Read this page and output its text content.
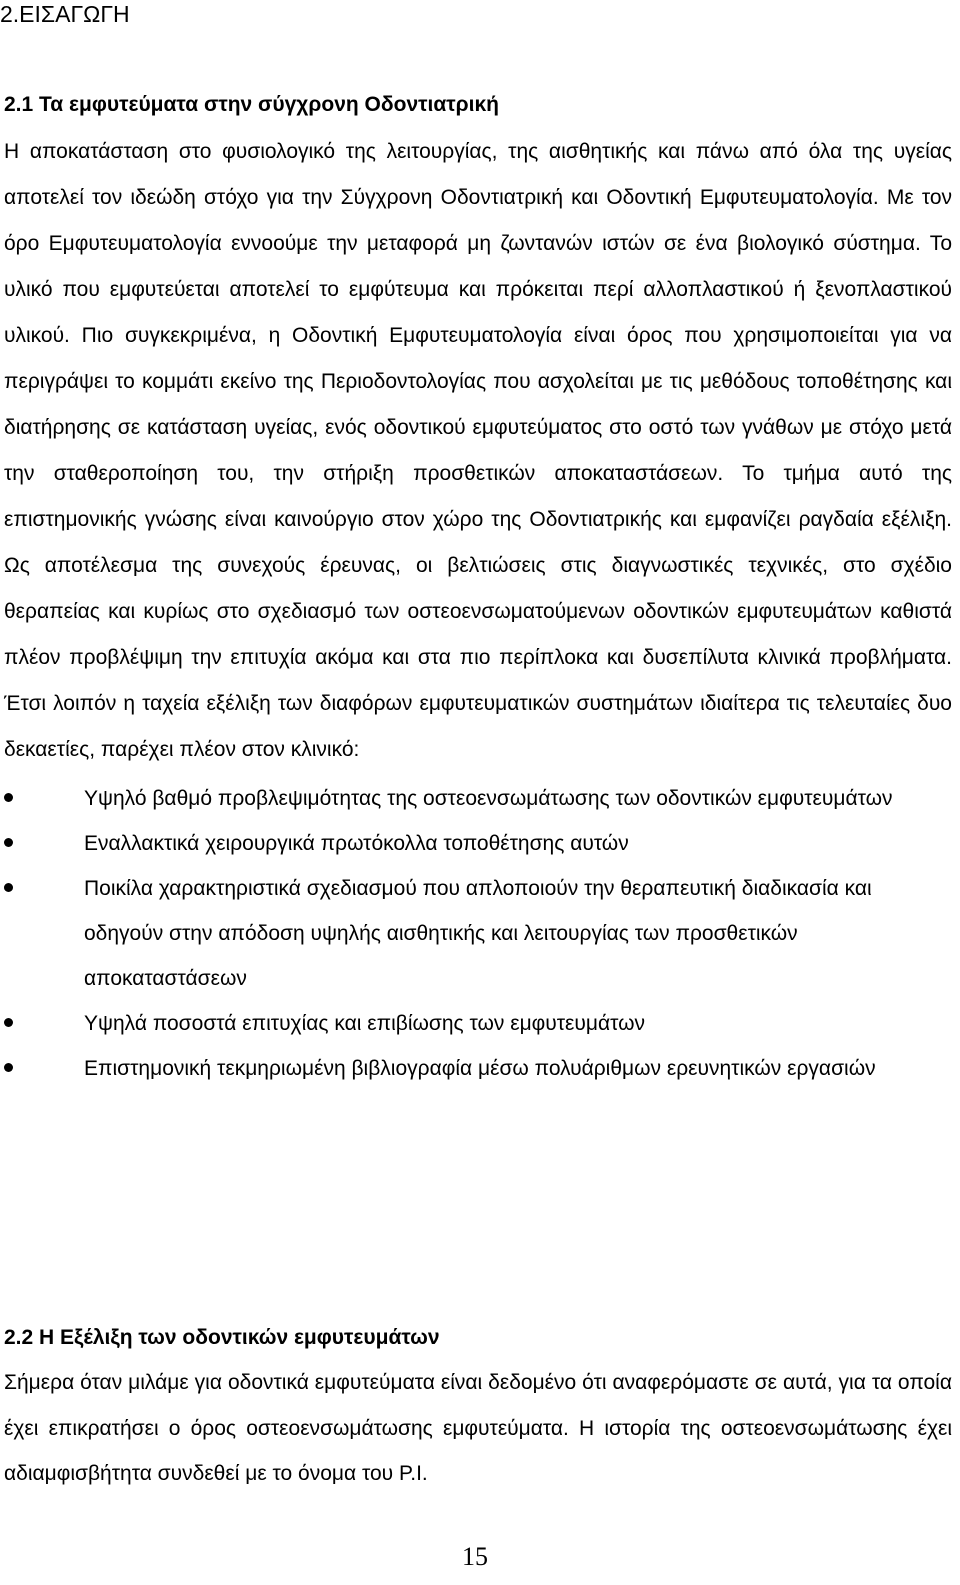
2.ΕΙΣΑΓΩΓΗ
2.1 Τα εμφυτεύματα στην σύγχρονη Οδοντιατρική

Η αποκατάσταση στο φυσιολογικό της λειτουργίας, της αισθητικής και πάνω από όλα της υγείας αποτελεί τον ιδεώδη στόχο για την Σύγχρονη Οδοντιατρική και Οδοντική Εμφυτευματολογία. Με τον όρο Εμφυτευματολογία εννοούμε την μεταφορά μη ζωντανών ιστών σε ένα βιολογικό σύστημα. Το υλικό που εμφυτεύεται αποτελεί το εμφύτευμα και πρόκειται περί αλλοπλαστικού ή ξενοπλαστικού υλικού. Πιο συγκεκριμένα, η Οδοντική Εμφυτευματολογία είναι όρος που χρησιμοποιείται για να περιγράψει το κομμάτι εκείνο της Περιοδοντολογίας που ασχολείται με τις μεθόδους τοποθέτησης και διατήρησης σε κατάσταση υγείας, ενός οδοντικού εμφυτεύματος στο οστό των γνάθων με στόχο μετά την σταθεροποίηση του, την στήριξη προσθετικών αποκαταστάσεων. Το τμήμα αυτό της επιστημονικής γνώσης είναι καινούργιο στον χώρο της Οδοντιατρικής και εμφανίζει ραγδαία εξέλιξη. Ως αποτέλεσμα της συνεχούς έρευνας, οι βελτιώσεις στις διαγνωστικές τεχνικές, στο σχέδιο θεραπείας και κυρίως στο σχεδιασμό των οστεοενσωματούμενων οδοντικών εμφυτευμάτων καθιστά πλέον προβλέψιμη την επιτυχία ακόμα και στα πιο περίπλοκα και δυσεπίλυτα κλινικά προβλήματα. Έτσι λοιπόν η ταχεία εξέλιξη των διαφόρων εμφυτευματικών συστημάτων ιδιαίτερα τις τελευταίες δυο δεκαετίες, παρέχει πλέον στον κλινικό:

Υψηλό βαθμό προβλεψιμότητας της οστεοενσωμάτωσης των οδοντικών εμφυτευμάτων
Εναλλακτικά χειρουργικά πρωτόκολλα τοποθέτησης αυτών
Ποικίλα χαρακτηριστικά σχεδιασμού που απλοποιούν την θεραπευτική διαδικασία και οδηγούν στην απόδοση υψηλής αισθητικής και λειτουργίας των προσθετικών αποκαταστάσεων
Υψηλά ποσοστά επιτυχίας και επιβίωσης των εμφυτευμάτων
Επιστημονική τεκμηριωμένη βιβλιογραφία μέσω πολυάριθμων ερευνητικών εργασιών
2.2 Η Εξέλιξη των οδοντικών εμφυτευμάτων

Σήμερα όταν μιλάμε για οδοντικά εμφυτεύματα είναι δεδομένο ότι αναφερόμαστε σε αυτά, για τα οποία έχει επικρατήσει ο όρος οστεοενσωμάτωσης εμφυτεύματα. Η ιστορία της οστεοενσωμάτωσης έχει αδιαμφισβήτητα συνδεθεί με το όνομα του P.I.

15
